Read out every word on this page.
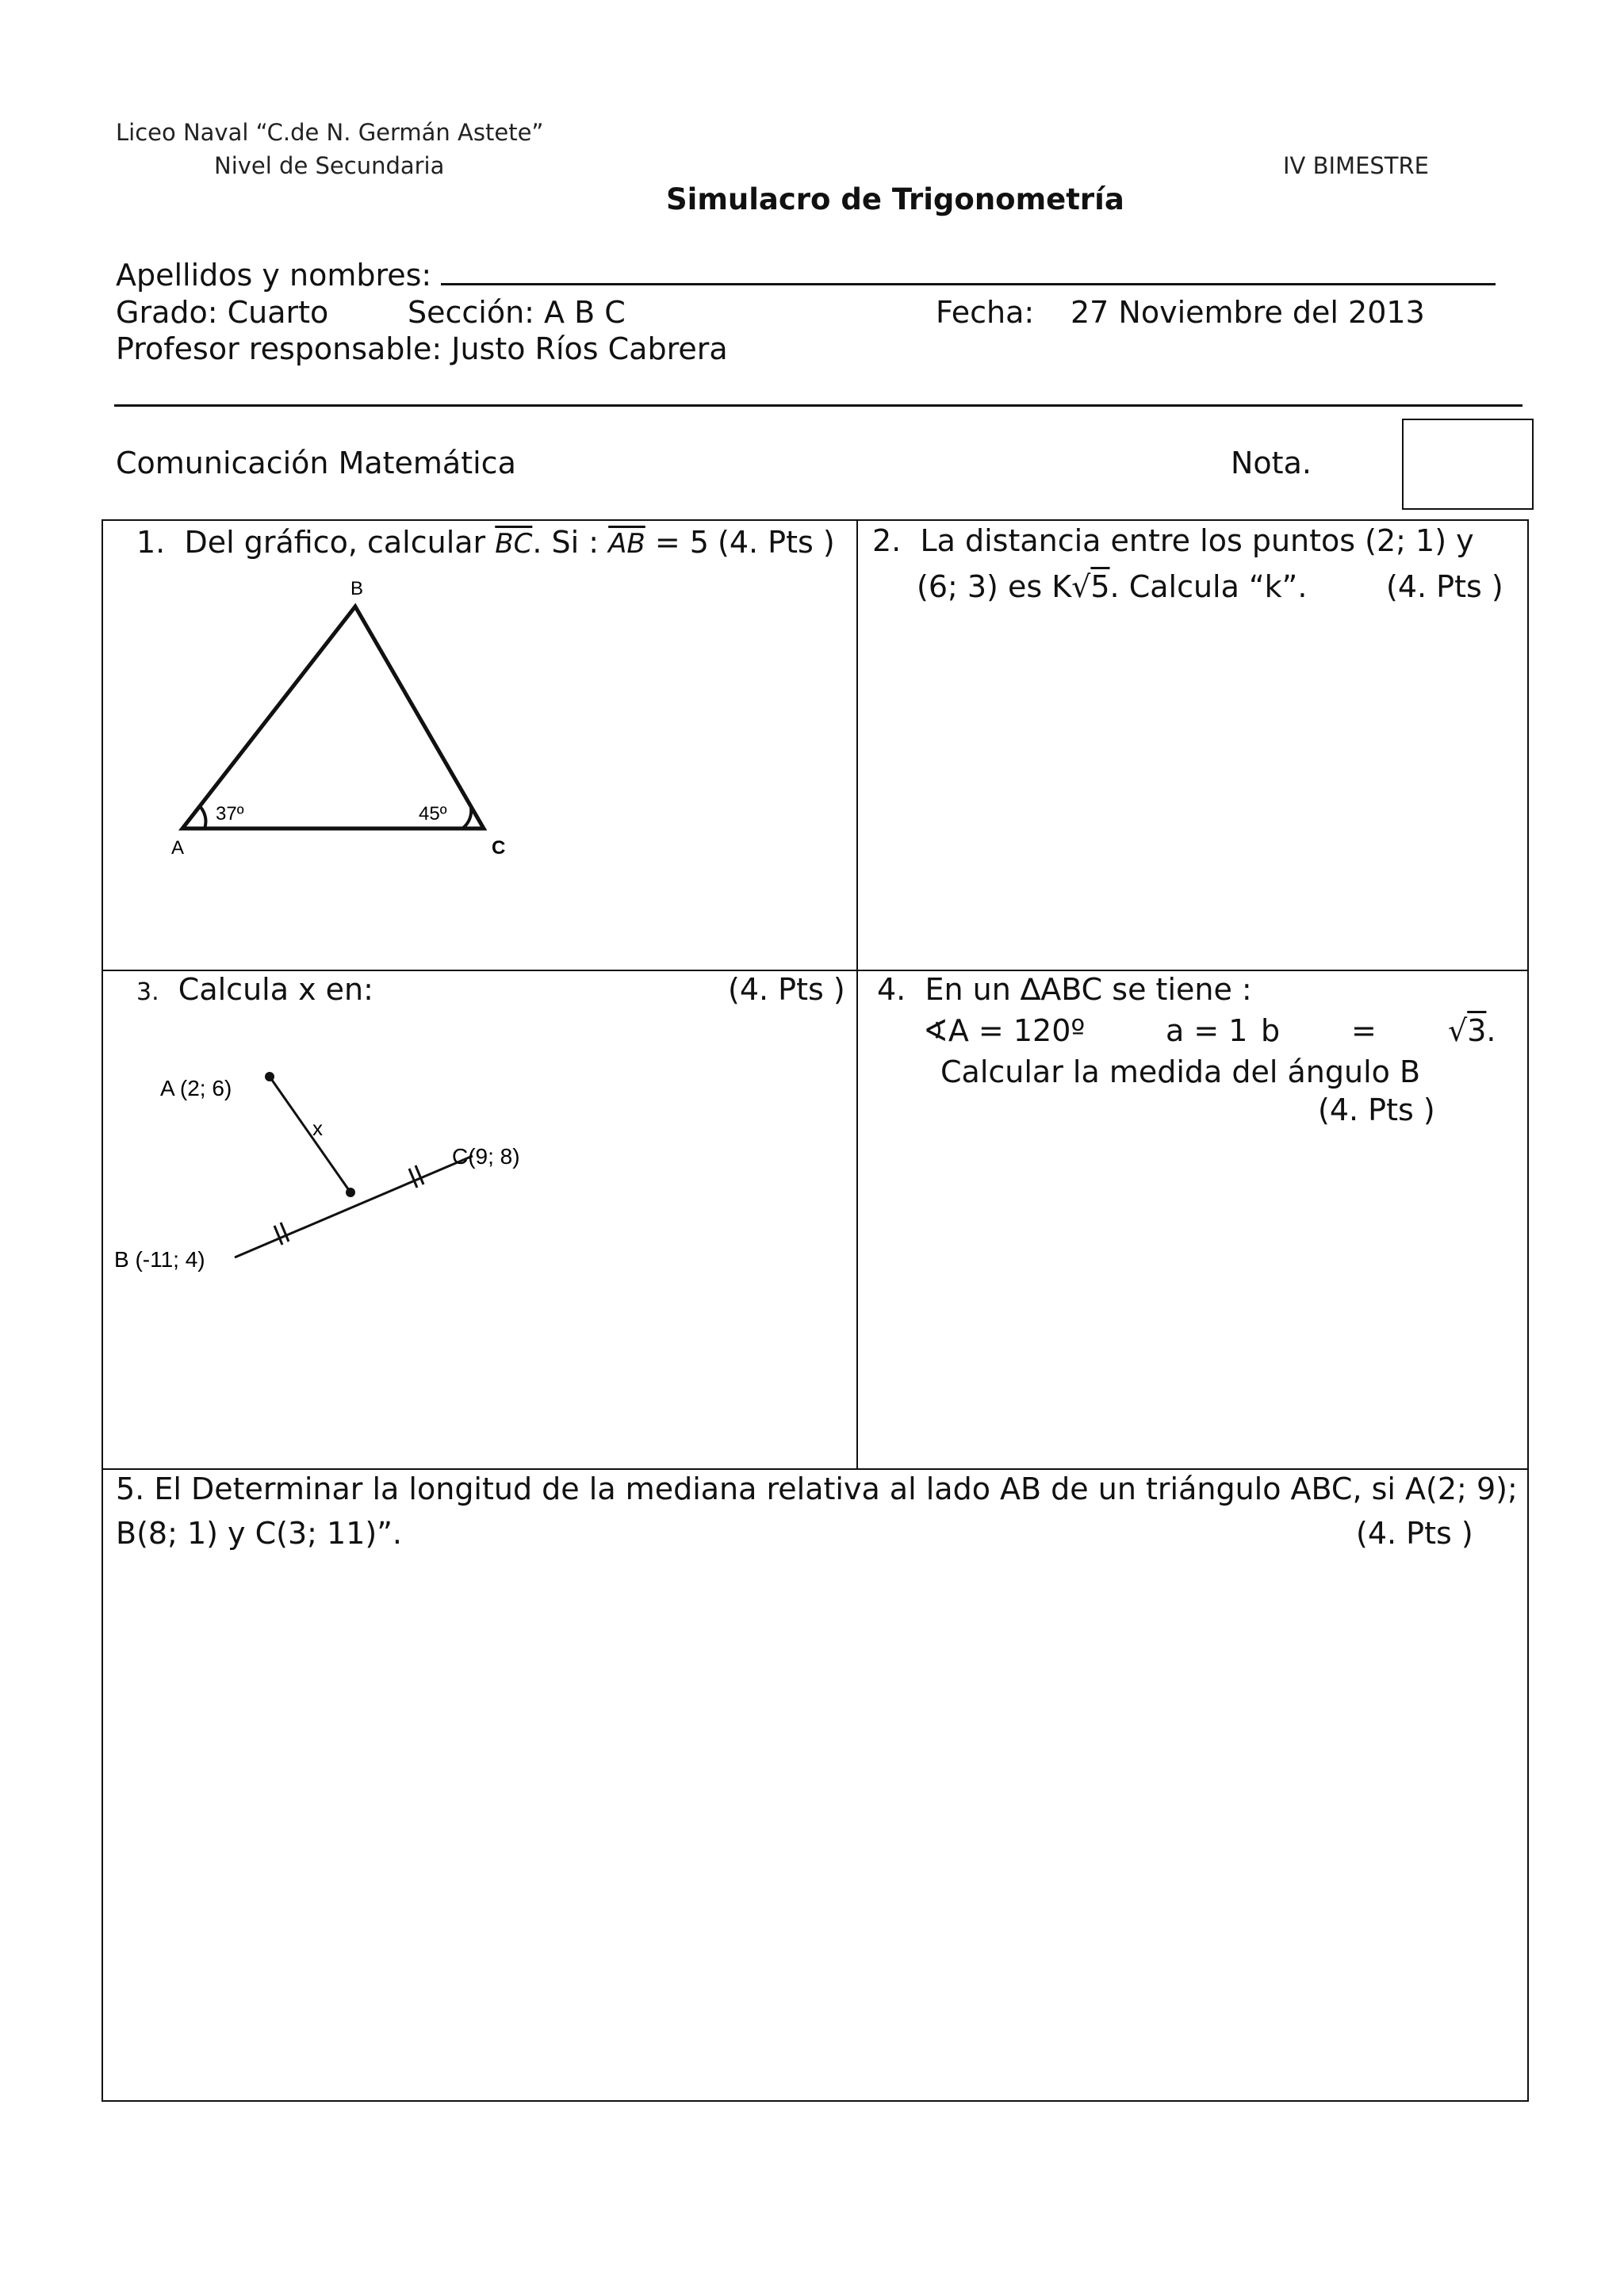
Liceo Naval “C.de N. Germán Astete”
Nivel de Secundaria	IV BIMESTRE
Simulacro de Trigonometría
Apellidos y nombres:
Grado: Cuarto	Sección: A B C	Fecha: 27 Noviembre del 2013
Profesor responsable: Justo Ríos Cabrera
Comunicación Matemática	Nota.
1. Del gráfico, calcular $\overline{BC}$. Si : $\overline{AB} = 5$ (4. Pts )
B
A	C
37º	45º
2. La distancia entre los puntos (2; 1) y
(6; 3) es K√5. Calcula “k”.	(4. Pts )
3. Calcula x en:	(4. Pts )
A (2; 6)
B (-11; 4)
C(9; 8)
x
4. En un ∆ABC se tiene :
∢A = 120º	a = 1 b = √3.
Calcular la medida del ángulo B
(4. Pts )
5. El Determinar la longitud de la mediana relativa al lado AB de un triángulo ABC, si A(2; 9);
B(8; 1) y C(3; 11)”.	(4. Pts )
